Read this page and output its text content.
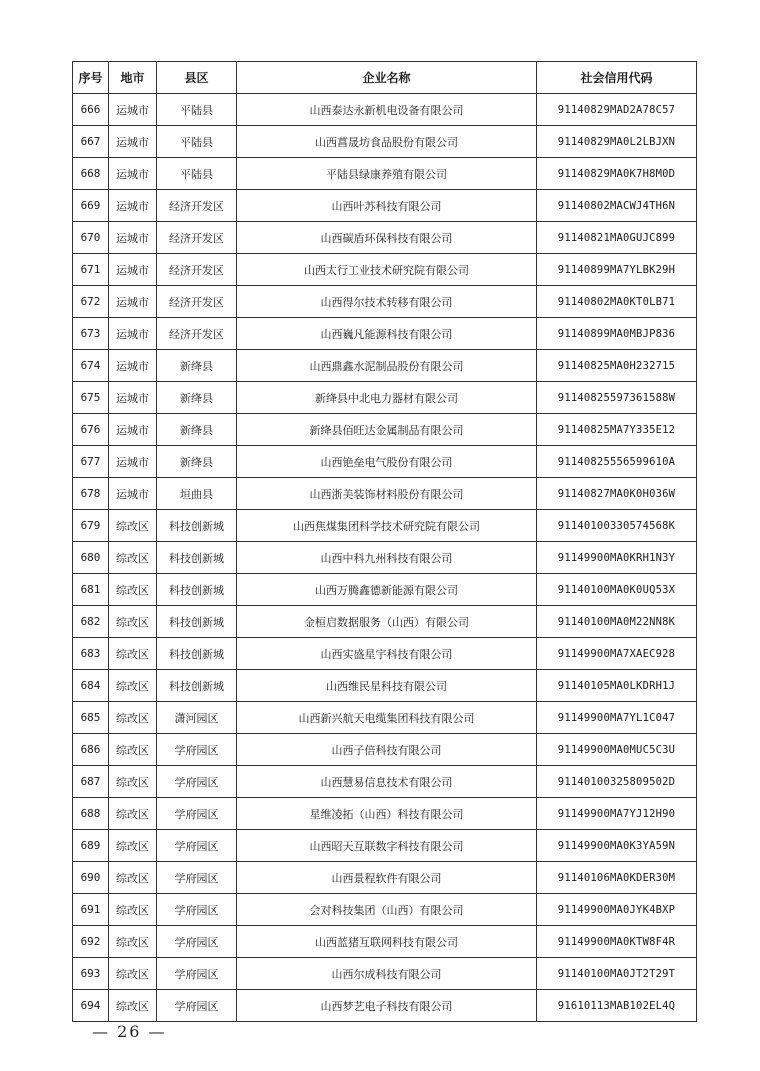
序号	地市	县区	企业名称	社会信用代码
666	运城市	平陆县	山西泰达永新机电设备有限公司	91140829MAD2A78C57
667	运城市	平陆县	山西菖晟坊食品股份有限公司	91140829MA0L2LBJXN
668	运城市	平陆县	平陆县绿康养殖有限公司	91140829MA0K7H8M0D
669	运城市	经济开发区	山西叶苏科技有限公司	91140802MACWJ4TH6N
670	运城市	经济开发区	山西碳盾环保科技有限公司	91140821MA0GUJC899
671	运城市	经济开发区	山西太行工业技术研究院有限公司	91140899MA7YLBK29H
672	运城市	经济开发区	山西得尔技术转移有限公司	91140802MA0KT0LB71
673	运城市	经济开发区	山西巍凡能源科技有限公司	91140899MA0MBJP836
674	运城市	新绛县	山西鼎鑫水泥制品股份有限公司	91140825MA0H232715
675	运城市	新绛县	新绛县中北电力器材有限公司	91140825597361588W
676	运城市	新绛县	新绛县佰旺达金属制品有限公司	91140825MA7Y335E12
677	运城市	新绛县	山西铯垒电气股份有限公司	91140825556599610A
678	运城市	垣曲县	山西浙美装饰材料股份有限公司	91140827MA0K0H036W
679	综改区	科技创新城	山西焦煤集团科学技术研究院有限公司	91140100330574568K
680	综改区	科技创新城	山西中科九州科技有限公司	91149900MA0KRH1N3Y
681	综改区	科技创新城	山西万腾鑫德新能源有限公司	91140100MA0K0UQ53X
682	综改区	科技创新城	金桓启数据服务（山西）有限公司	91140100MA0M22NN8K
683	综改区	科技创新城	山西实盛星宇科技有限公司	91149900MA7XAEC928
684	综改区	科技创新城	山西维民星科技有限公司	91140105MA0LKDRH1J
685	综改区	潇河园区	山西新兴航天电缆集团科技有限公司	91149900MA7YL1C047
686	综改区	学府园区	山西子倍科技有限公司	91149900MA0MUC5C3U
687	综改区	学府园区	山西慧易信息技术有限公司	91140100325809502D
688	综改区	学府园区	星维凌拓（山西）科技有限公司	91149900MA7YJ12H90
689	综改区	学府园区	山西昭天互联数字科技有限公司	91149900MA0K3YA59N
690	综改区	学府园区	山西景程软件有限公司	91140106MA0KDER30M
691	综改区	学府园区	会对科技集团（山西）有限公司	91149900MA0JYK4BXP
692	综改区	学府园区	山西蓝猪互联网科技有限公司	91149900MA0KTW8F4R
693	综改区	学府园区	山西尔成科技有限公司	91140100MA0JT2T29T
694	综改区	学府园区	山西梦艺电子科技有限公司	91610113MAB102EL4Q
— 26 —
